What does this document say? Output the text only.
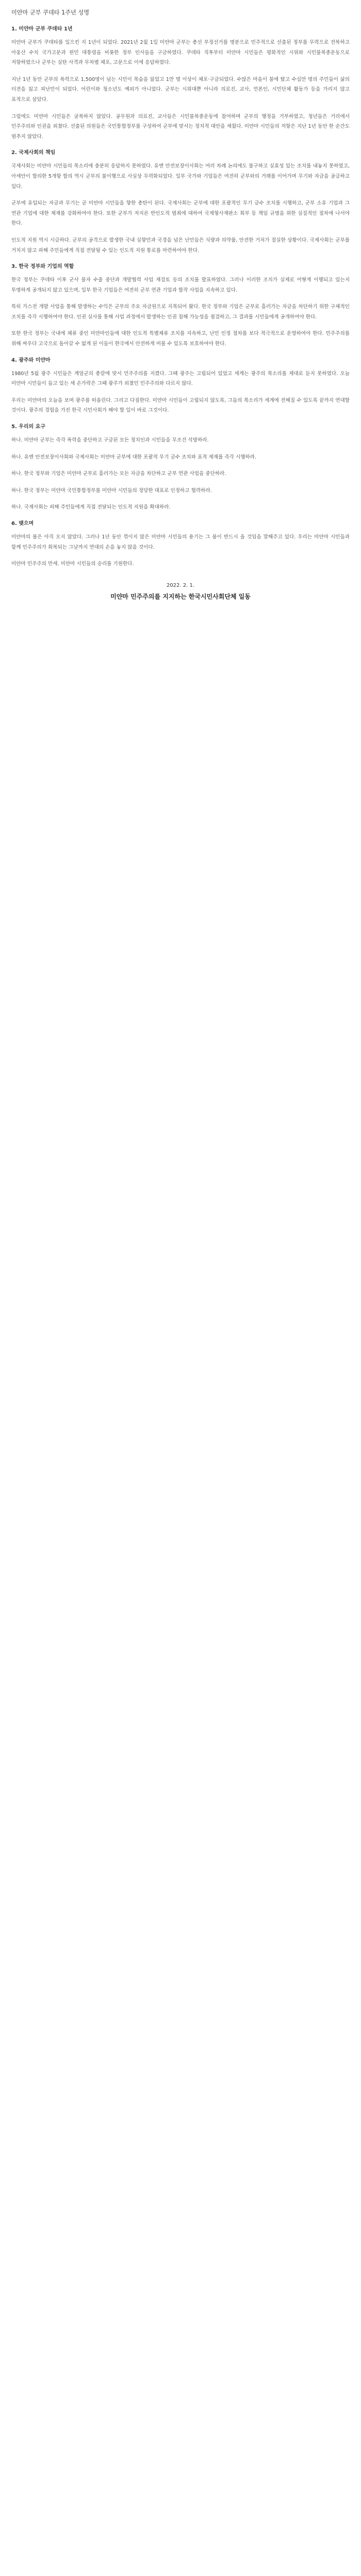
미얀마 군부 쿠데타 1주년 성명
1. 미얀마 군부 쿠데타 1년

미얀마 군부가 쿠데타를 일으킨 지 1년이 되었다. 2021년 2월 1일 미얀마 군부는 총선 부정선거를 명분으로 민주적으로 선출된 정부를 무력으로 전복하고 아웅산 수치 국가고문과 윈민 대통령을 비롯한 정부 인사들을 구금하였다. 쿠데타 직후부터 미얀마 시민들은 평화적인 시위와 시민불복종운동으로 저항하였으나 군부는 실탄 사격과 무차별 체포, 고문으로 이에 응답하였다.

지난 1년 동안 군부의 폭력으로 1,500명이 넘는 시민이 목숨을 잃었고 1만 명 이상이 체포·구금되었다. 수많은 마을이 불에 탔고 수십만 명의 주민들이 삶의 터전을 잃고 피난민이 되었다. 어린이와 청소년도 예외가 아니었다. 군부는 시위대뿐 아니라 의료진, 교사, 언론인, 시민단체 활동가 등을 가리지 않고 표적으로 삼았다.

그럼에도 미얀마 시민들은 굴복하지 않았다. 공무원과 의료진, 교사들은 시민불복종운동에 참여하며 군부의 행정을 거부하였고, 청년들은 거리에서 민주주의와 인권을 외쳤다. 선출된 의원들은 국민통합정부를 구성하여 군부에 맞서는 정치적 대안을 세웠다. 미얀마 시민들의 저항은 지난 1년 동안 한 순간도 멈추지 않았다.

2. 국제사회의 책임

국제사회는 미얀마 시민들의 목소리에 충분히 응답하지 못하였다. 유엔 안전보장이사회는 여러 차례 논의에도 불구하고 실효성 있는 조치를 내놓지 못하였고, 아세안이 합의한 5개항 합의 역시 군부의 불이행으로 사실상 무력화되었다. 일부 국가와 기업들은 여전히 군부와의 거래를 이어가며 무기와 자금을 공급하고 있다.

군부에 유입되는 자금과 무기는 곧 미얀마 시민들을 향한 총탄이 된다. 국제사회는 군부에 대한 포괄적인 무기 금수 조치를 시행하고, 군부 소유 기업과 그 연관 기업에 대한 제재를 강화하여야 한다. 또한 군부가 저지른 반인도적 범죄에 대하여 국제형사재판소 회부 등 책임 규명을 위한 실질적인 절차에 나서야 한다.

인도적 지원 역시 시급하다. 군부의 공격으로 발생한 국내 실향민과 국경을 넘은 난민들은 식량과 의약품, 안전한 거처가 절실한 상황이다. 국제사회는 군부를 거치지 않고 피해 주민들에게 직접 전달될 수 있는 인도적 지원 통로를 마련하여야 한다.

3. 한국 정부와 기업의 역할

한국 정부는 쿠데타 이후 군사 물자 수출 중단과 개발협력 사업 재검토 등의 조치를 발표하였다. 그러나 이러한 조치가 실제로 어떻게 이행되고 있는지 투명하게 공개되지 않고 있으며, 일부 한국 기업들은 여전히 군부 연관 기업과 합작 사업을 지속하고 있다.

특히 가스전 개발 사업을 통해 발생하는 수익은 군부의 주요 자금원으로 지목되어 왔다. 한국 정부와 기업은 군부로 흘러가는 자금을 차단하기 위한 구체적인 조치를 즉각 시행하여야 한다. 인권 실사를 통해 사업 과정에서 발생하는 인권 침해 가능성을 점검하고, 그 결과를 시민들에게 공개하여야 한다.

또한 한국 정부는 국내에 체류 중인 미얀마인들에 대한 인도적 특별체류 조치를 지속하고, 난민 인정 절차를 보다 적극적으로 운영하여야 한다. 민주주의를 위해 싸우다 고국으로 돌아갈 수 없게 된 이들이 한국에서 안전하게 머물 수 있도록 보호하여야 한다.

4. 광주와 미얀마

1980년 5월 광주 시민들은 계엄군의 총칼에 맞서 민주주의를 지켰다. 그때 광주는 고립되어 있었고 세계는 광주의 목소리를 제대로 듣지 못하였다. 오늘 미얀마 시민들이 들고 있는 세 손가락은 그때 광주가 외쳤던 민주주의와 다르지 않다.

우리는 미얀마의 오늘을 보며 광주를 떠올린다. 그리고 다짐한다. 미얀마 시민들이 고립되지 않도록, 그들의 목소리가 세계에 전해질 수 있도록 끝까지 연대할 것이다. 광주의 경험을 가진 한국 시민사회가 해야 할 일이 바로 그것이다.

5. 우리의 요구

하나. 미얀마 군부는 즉각 폭력을 중단하고 구금된 모든 정치인과 시민들을 무조건 석방하라.

하나. 유엔 안전보장이사회와 국제사회는 미얀마 군부에 대한 포괄적 무기 금수 조치와 표적 제재를 즉각 시행하라.

하나. 한국 정부와 기업은 미얀마 군부로 흘러가는 모든 자금을 차단하고 군부 연관 사업을 중단하라.

하나. 한국 정부는 미얀마 국민통합정부를 미얀마 시민들의 정당한 대표로 인정하고 협력하라.

하나. 국제사회는 피해 주민들에게 직접 전달되는 인도적 지원을 확대하라.

6. 맺으며

미얀마의 봄은 아직 오지 않았다. 그러나 1년 동안 꺾이지 않은 미얀마 시민들의 용기는 그 봄이 반드시 올 것임을 말해주고 있다. 우리는 미얀마 시민들과 함께 민주주의가 회복되는 그날까지 연대의 손을 놓지 않을 것이다.

미얀마 민주주의 만세. 미얀마 시민들의 승리를 기원한다.

2022. 2. 1.
미얀마 민주주의를 지지하는 한국시민사회단체 일동
